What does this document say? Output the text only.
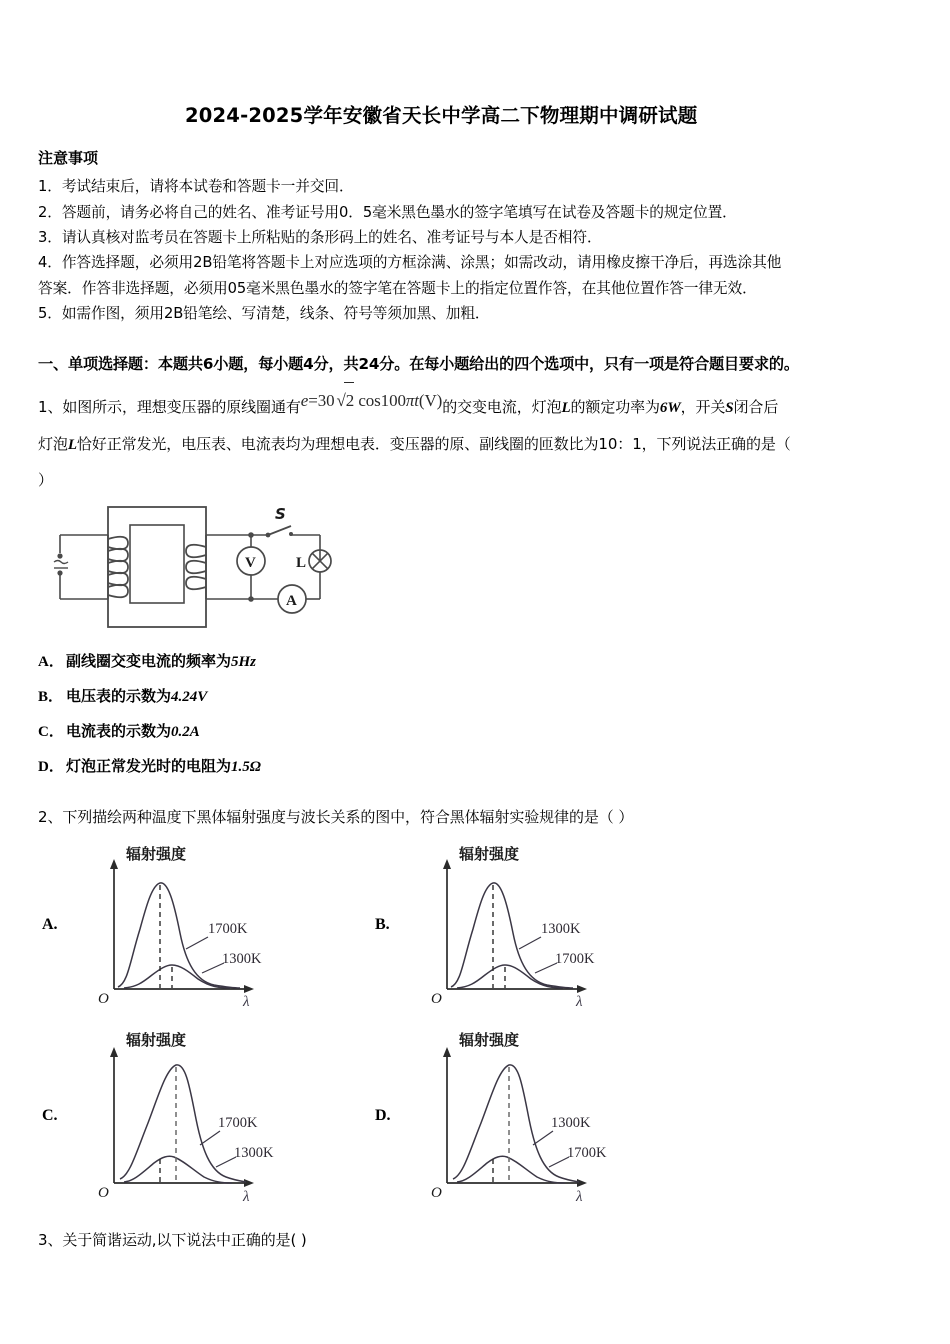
2024-2025学年安徽省天长中学高二下物理期中调研试题
注意事项
1．考试结束后，请将本试卷和答题卡一并交回．
2．答题前，请务必将自己的姓名、准考证号用0．5毫米黑色墨水的签字笔填写在试卷及答题卡的规定位置．
3．请认真核对监考员在答题卡上所粘贴的条形码上的姓名、准考证号与本人是否相符．
4．作答选择题，必须用2B铅笔将答题卡上对应选项的方框涂满、涂黑；如需改动，请用橡皮擦干净后，再选涂其他
答案．作答非选择题，必须用05毫米黑色墨水的签字笔在答题卡上的指定位置作答，在其他位置作答一律无效．
5．如需作图，须用2B铅笔绘、写清楚，线条、符号等须加黑、加粗．
一、单项选择题：本题共6小题，每小题4分，共24分。在每小题给出的四个选项中，只有一项是符合题目要求的。
1、如图所示，理想变压器的原线圈通有e=30 √
2 cos100πt(V)的交变电流，灯泡L的额定功率为6W，开关S闭合后
灯泡L恰好正常发光，电压表、电流表均为理想电表．变压器的原、副线圈的匝数比为10：1，下列说法正确的是（
）
S
V
A
L
A． 副线圈交变电流的频率为5Hz
B． 电压表的示数为4.24V
C． 电流表的示数为0.2A
D． 灯泡正常发光时的电阻为1.5Ω
2、下列描绘两种温度下黑体辐射强度与波长关系的图中，符合黑体辐射实验规律的是（ ）
A.
辐射强度
O	λ
1700K
1300K
B.
辐射强度
O	λ
1300K
1700K
C.
辐射强度
O	λ
1700K
1300K
D.
辐射强度
O	λ
1300K
1700K
3、关于简谐运动,以下说法中正确的是( )
